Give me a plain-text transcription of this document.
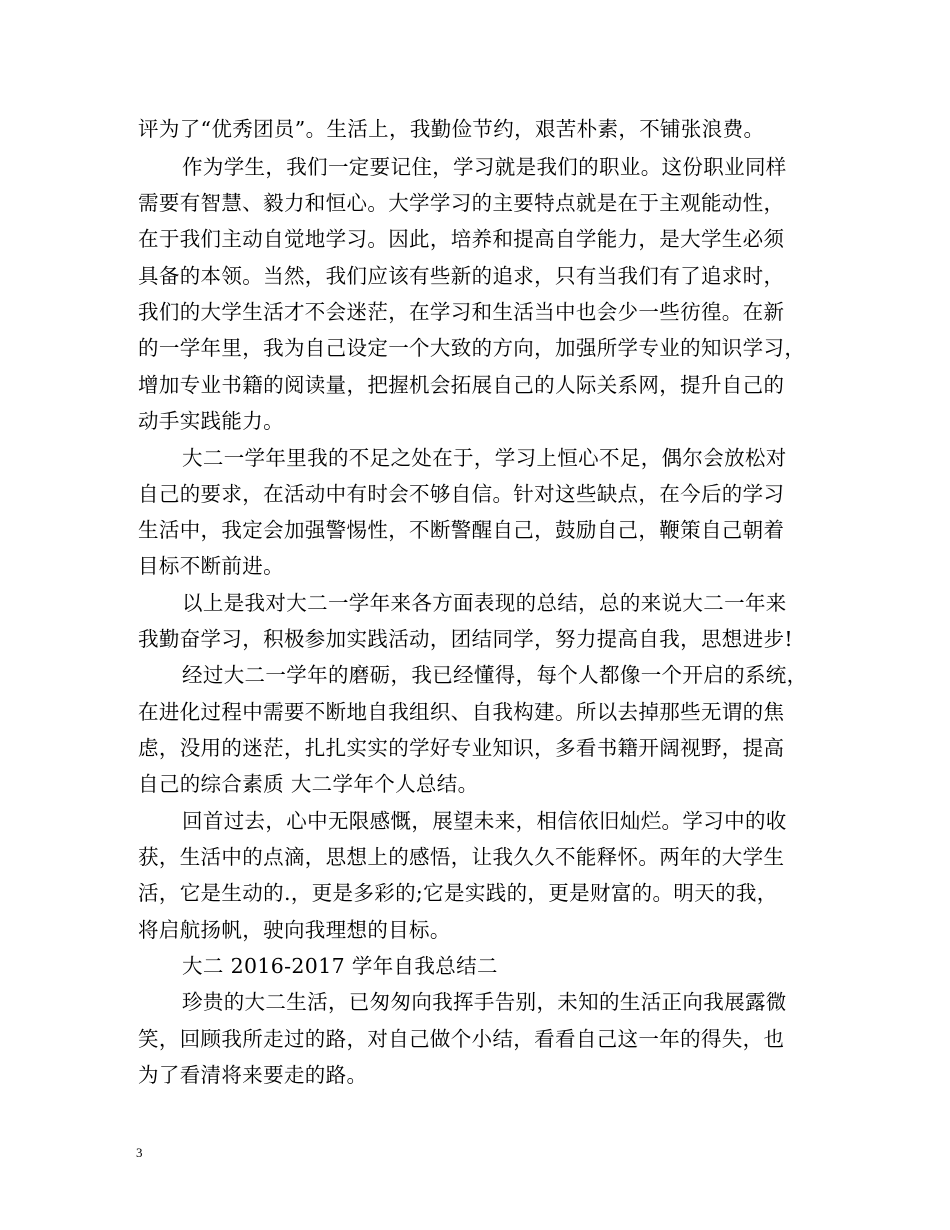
评为了“优秀团员”。生活上，我勤俭节约，艰苦朴素，不铺张浪费。
作为学生，我们一定要记住，学习就是我们的职业。这份职业同样
需要有智慧、毅力和恒心。大学学习的主要特点就是在于主观能动性，
在于我们主动自觉地学习。因此，培养和提高自学能力，是大学生必须
具备的本领。当然，我们应该有些新的追求，只有当我们有了追求时，
我们的大学生活才不会迷茫，在学习和生活当中也会少一些彷徨。在新
的一学年里，我为自己设定一个大致的方向，加强所学专业的知识学习，
增加专业书籍的阅读量，把握机会拓展自己的人际关系网，提升自己的
动手实践能力。
大二一学年里我的不足之处在于，学习上恒心不足，偶尔会放松对
自己的要求，在活动中有时会不够自信。针对这些缺点，在今后的学习
生活中，我定会加强警惕性，不断警醒自己，鼓励自己，鞭策自己朝着
目标不断前进。
以上是我对大二一学年来各方面表现的总结，总的来说大二一年来
我勤奋学习，积极参加实践活动，团结同学，努力提高自我，思想进步!
经过大二一学年的磨砺，我已经懂得，每个人都像一个开启的系统，
在进化过程中需要不断地自我组织、自我构建。所以去掉那些无谓的焦
虑，没用的迷茫，扎扎实实的学好专业知识，多看书籍开阔视野，提高
自己的综合素质 大二学年个人总结。
回首过去，心中无限感慨，展望未来，相信依旧灿烂。学习中的收
获，生活中的点滴，思想上的感悟，让我久久不能释怀。两年的大学生
活，它是生动的.，更是多彩的;它是实践的，更是财富的。明天的我，
将启航扬帆，驶向我理想的目标。
大二 2016-2017 学年自我总结二
珍贵的大二生活，已匆匆向我挥手告别，未知的生活正向我展露微
笑，回顾我所走过的路，对自己做个小结，看看自己这一年的得失，也
为了看清将来要走的路。
3
